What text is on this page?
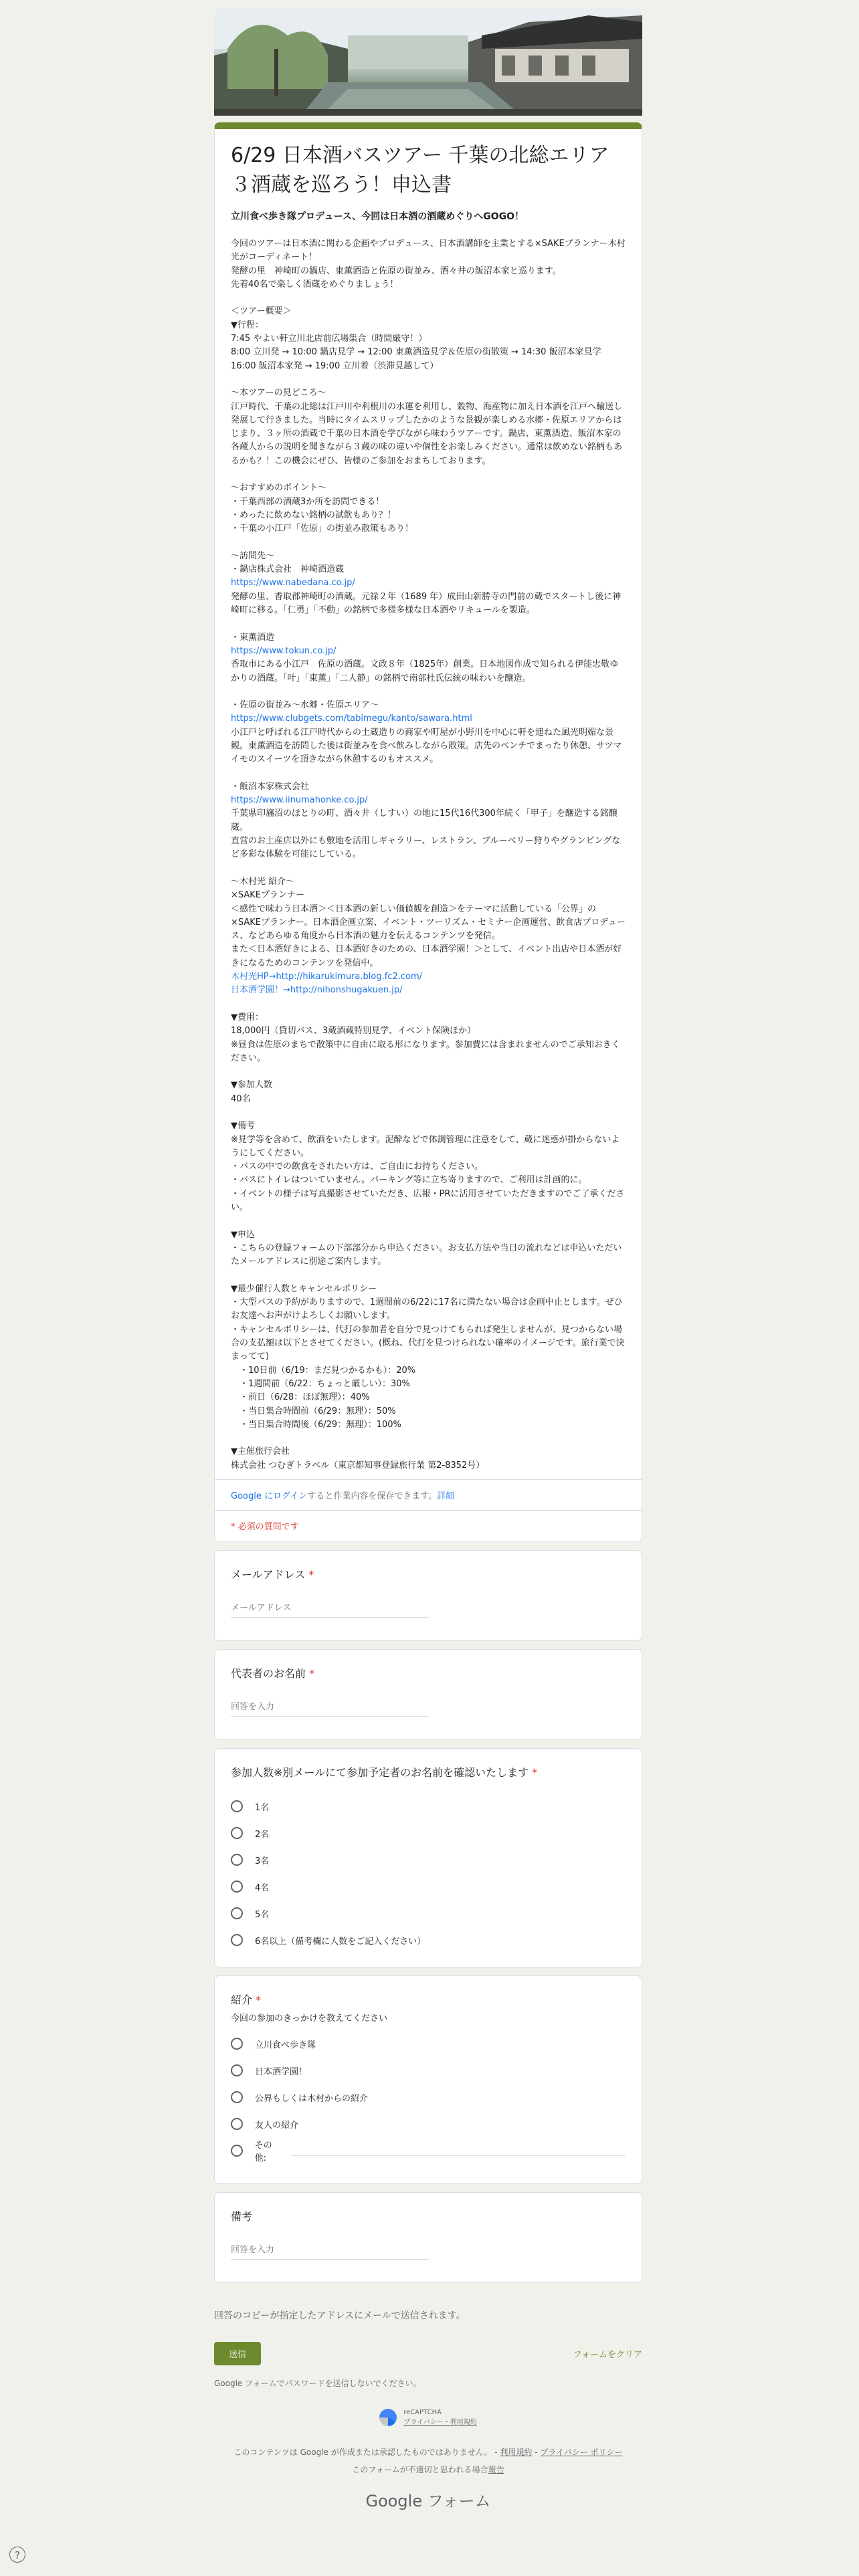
6/29 日本酒バスツアー 千葉の北総エリア３酒蔵を巡ろう！申込書
立川食べ歩き隊プロデュース、今回は日本酒の酒蔵めぐりへGOGO！

今回のツアーは日本酒に関わる企画やプロデュース、日本酒講師を主業とする×SAKEプランナー木村光がコーディネート！

発酵の里　神崎町の鍋店、東薫酒造と佐原の街並み、酒々井の飯沼本家と巡ります。

先着40名で楽しく酒蔵をめぐりましょう！

＜ツアー概要＞

▼行程：

7:45 やよい軒立川北店前広場集合（時間厳守！）

8:00 立川発 → 10:00 鍋店見学 → 12:00 東薫酒造見学＆佐原の街散策 → 14:30 飯沼本家見学

16:00 飯沼本家発 → 19:00 立川着（渋滞見越して）

〜本ツアーの見どころ〜

江戸時代、千葉の北総は江戸川や利根川の水運を利用し、穀物、海産物に加え日本酒を江戸へ輸送し発展して行きました。当時にタイムスリップしたかのような景観が楽しめる水郷・佐原エリアからはじまり、３ヶ所の酒蔵で千葉の日本酒を学びながら味わうツアーです。鍋店、東薫酒造、飯沼本家の各蔵人からの説明を聞きながら３蔵の味の違いや個性をお楽しみください。通常は飲めない銘柄もあるかも？！この機会にぜひ、皆様のご参加をおまちしております。

〜おすすめのポイント〜

・千葉西部の酒蔵3か所を訪問できる！

・めったに飲めない銘柄の試飲もあり？！

・千葉の小江戸「佐原」の街並み散策もあり！

〜訪問先〜

・鍋店株式会社　神崎酒造蔵

https://www.nabedana.co.jp/

発酵の里、香取郡神崎町の酒蔵。元禄２年（1689 年）成田山新勝寺の門前の蔵でスタートし後に神崎町に移る。「仁勇」「不動」の銘柄で多様多様な日本酒やリキュールを製造。

・東薫酒造

https://www.tokun.co.jp/

香取市にある小江戸　佐原の酒蔵。文政８年（1825年）創業。日本地図作成で知られる伊能忠敬ゆかりの酒蔵。「叶」「東薫」「二人静」の銘柄で南部杜氏伝統の味わいを醸造。

・佐原の街並み〜水郷・佐原エリア〜

https://www.clubgets.com/tabimegu/kanto/sawara.html

小江戸と呼ばれる江戸時代からの土蔵造りの商家や町屋が小野川を中心に軒を連ねた風光明媚な景観。東薫酒造を訪問した後は街並みを食べ飲みしながら散策。店先のベンチでまったり休憩、サツマイモのスイーツを頂きながら休憩するのもオススメ。

・飯沼本家株式会社

https://www.iinumahonke.co.jp/

千葉県印旛沼のほとりの町、酒々井（しすい）の地に15代16代300年続く「甲子」を醸造する銘醸蔵。

直営のお土産店以外にも敷地を活用しギャラリー、レストラン、ブルーベリー狩りやグランピングなど多彩な体験を可能にしている。

〜木村光 紹介〜

×SAKEプランナー

＜感性で味わう日本酒＞＜日本酒の新しい価値観を創造＞をテーマに活動している「公界」の×SAKEプランナー。日本酒企画立案、イベント・ツーリズム・セミナー企画運営、飲食店プロデュース、などあらゆる角度から日本酒の魅力を伝えるコンテンツを発信。

また＜日本酒好きによる、日本酒好きのための、日本酒学園！＞として、イベント出店や日本酒が好きになるためのコンテンツを発信中。

木村光HP→http://hikarukimura.blog.fc2.com/

日本酒学園！→http://nihonshugakuen.jp/

▼費用：

18,000円（貸切バス、3蔵酒蔵特別見学、イベント保険ほか）

※昼食は佐原のまちで散策中に自由に取る形になります。参加費には含まれませんのでご承知おきください。

▼参加人数

40名

▼備考

※見学等を含めて、飲酒をいたします。泥酔などで体調管理に注意をして、蔵に迷惑が掛からないようにしてください。

・バスの中での飲食をされたい方は、ご自由にお持ちください。

・バスにトイレはついていません。パーキング等に立ち寄りますので、ご利用は計画的に。

・イベントの様子は写真撮影させていただき、広報・PRに活用させていただきますのでご了承ください。

▼申込

・こちらの登録フォームの下部部分から申込ください。お支払方法や当日の流れなどは申込いただいたメールアドレスに別途ご案内します。

▼最少催行人数とキャンセルポリシー

・大型バスの予約がありますので、1週間前の6/22に17名に満たない場合は企画中止とします。ぜひお友達へお声がけよろしくお願いします。

・キャンセルポリシーは、代打の参加者を自分で見つけてもられば発生しませんが、見つからない場合の支払額は以下とさせてください。(概ね、代打を見つけられない確率のイメージです。旅行業で決まってて)

　・10日前（6/19：まだ見つかるかも）：20%

　・1週間前（6/22：ちょっと厳しい）：30%

　・前日（6/28：ほぼ無理）：40%

　・当日集合時間前（6/29：無理）：50%

　・当日集合時間後（6/29：無理）：100%

▼主催旅行会社

株式会社 つむぎトラベル（東京都知事登録旅行業 第2-8352号）

Google にログインすると作業内容を保存できます。詳細
* 必須の質問です
メールアドレス *
メールアドレス
代表者のお名前 *
回答を入力
参加人数※別メールにて参加予定者のお名前を確認いたします *
1名
2名
3名
4名
5名
6名以上（備考欄に人数をご記入ください）
紹介 *
今回の参加のきっかけを教えてください
立川食べ歩き隊
日本酒学園！
公界もしくは木村からの紹介
友人の紹介
その他:
備考
回答を入力
回答のコピーが指定したアドレスにメールで送信されます。
送信	フォームをクリア
Google フォームでパスワードを送信しないでください。
reCAPTCHA
プライバシー・利用規約
このコンテンツは Google が作成または承認したものではありません。 - 利用規約 - プライバシー ポリシー
このフォームが不適切と思われる場合報告
Google フォーム
?
